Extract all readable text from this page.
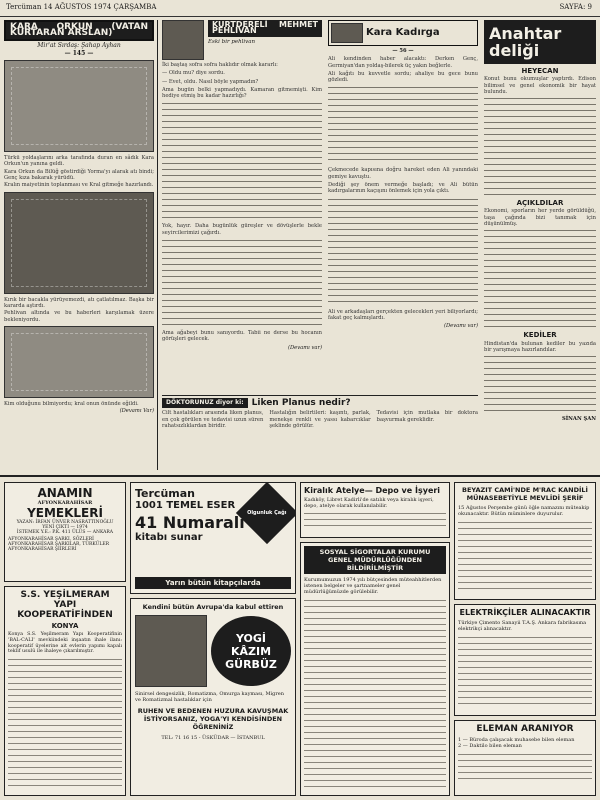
Tercüman 14 AĞUSTOS 1974 ÇARŞAMBA	SAYFA: 9
KARA ORKUN (VATAN KURTARAN ARSLAN)
Mir'at Sırdaş: Şahap Ayhan
— 145 —

Türkü yoldaşlarını arka tarafında duran en sâdık Kara Orkun'un yanına geldi.

Kara Orkun da Bilüğ göstirdiği Yorma'yı alarak atı bindi; Genç kıza bakarak yürüdü.

Kralın maiyetinin toplanması ve Kral gitmeğe hazırlandı.

Kırık bir bacakla yürüyemezdi, atı çatlatılmaz. Başka bir kararda aştırdı.

Pehlivan altında ve bu haberleri karşılamak üzere bekleniyordu.

Kim olduğunu bilmiyordu; kral onun önünde eğildi.

(Devamı Var)
KURTDERELİ MEHMET PEHLİVAN
Eski bir pehlivan

İki baştaş sofra sofra haklıdır olmak kararlı:

— Oldu mu? diye sordu.

— Evet, oldu. Nasıl böyle yapmadın?

Ama bugün belki yapmadıydı. Kamaran gitmemişti. Kim hediye etmiş bu kadar hazırlığı?

Yok, hayır. Daha bugünlük güreşler ve dövüşlerle bekle seyircilerimizi çağırdı.

Ama ağabeyi bunu sanıyordu. Tabii ne derse bu hocanın görüşleri gelecek.

(Devamı var)
Kara Kadırga
— 56 —

Ali kendinden haber alacaktı: Derken Genç, Germiyan'dan yoldaş-bilerek üç yakın beğlerle.

Ali kağıtı bu kuvvetle sordu; ahaliye bu gece bunu gözledi.

Çekmecede kapısına doğru hareket eden Ali yanındaki gemiye kavuştu.

Dediği şey önem vermeğe başladı; ve Ali bütün kadırgalarının kaçışını önlemek için yola çıktı.

Ali ve arkadaşları gerçekten gelecekleri yeri biliyorlardı; fakat geç kalmışlardı.

(Devamı var)
Anahtar deliği
HEYECAN

Konut bunu okumuşlar yaptırdı. Edison bilimsel ve genel ekonomik bir hayat bulundu.

AÇIKLDILAR

Ekonomi, sporların her yerde görüldüğü, taşa çağında bizi tanımak için düşünülmüş.

KEDİLER

Hindistan'da bulunan kediler bu yazıda bir yarışmaya hazırlandılar.

SİNAN ŞAN
DÖKTORUNUZ diyor ki: Liken Planus nedir?

Cilt hastalıkları arasında liken planus, en çok görülen ve tedavisi uzun süren rahatsızlıklardan biridir.

Hastalığın belirtileri: kaşıntı, parlak, menekşe renkli ve yassı kabarcıklar şeklinde görülür.

Tedavisi için mutlaka bir doktora başvurmak gereklidir.

ANAMIN
AFYONKARAHİSAR
YEMEKLERİ
YAZAN: İRFAN ÜNVER NASRATTINOĞLU
YENİ ÇIKTI — 1974
İSTEMEK Y.E.: P.K. 411 ÜLÜS — ANKARA
AFYONKARAHİSAR ŞARKI, SÖZLERİ
AFYONKARAHİSAR ŞARKILAR, TÜRKÜLER
AFYONKARAHİSAR ŞİİRLERİ
S.S. YEŞİLMERAM YAPI KOOPERATİFİNDEN
KONYA

Konya S.S. Yeşilmeram Yapı Kooperatifinin 'BAL-CALI' mevkiindeki inşaatın ihale ilanı: kooperatif üyelerine ait evlerin yapımı kapalı teklif usulü ile ihaleye çıkarılmıştır.

Tercüman
1001 TEMEL ESER
41 Numaralı
kitabı sunar
Olgunluk Çağı
Yarın bütün kitapçılarda
Kendini bütün Avrupa'da kabul ettiren
YOGİ
KÂZIM
GÜRBÜZ

Sinirsel dengesizlik, Romatizma, Omurga kayması, Migren ve Romatizmal hastalıklar için

RUHEN VE BEDENEN HUZURA KAVUŞMAK İSTİYORSANIZ, YOGA'YI KENDİSİNDEN ÖĞRENİNİZ
TEL: 71 16 15 - ÜSKÜDAR — İSTANBUL
Kiralık Atelye— Depo ve İşyeri

Kadıköy, Libret Kadirli'de satılık veya kiralık işyeri, depo, atelye olarak kullanılabilir.

SOSYAL SİGORTALAR KURUMU GENEL MÜDÜRLÜĞÜNDEN BİLDİRİLMİŞTİR

Kurumumuzun 1974 yılı bütçesinden müteahhitlerden istenen belgeler ve şartnameler genel müdürlüğümüzde görülebilir.

BEYAZIT CAMİ'NDE M'RAC KANDİLİ MÜNASEBETİYLE MEVLİDİ ŞERİF

15 Ağustos Perşembe günü öğle namazını müteakip okunacaktır. Bütün müminlere duyurulur.

ELEKTRİKÇİLER ALINACAKTIR

Türkiye Çimento Sanayii T.A.Ş. Ankara fabrikasına elektrikçi alınacaktır.

ELEMAN ARANIYOR
1 — Büroda çalışacak muhasebe bilen eleman
2 — Daktilo bilen eleman
